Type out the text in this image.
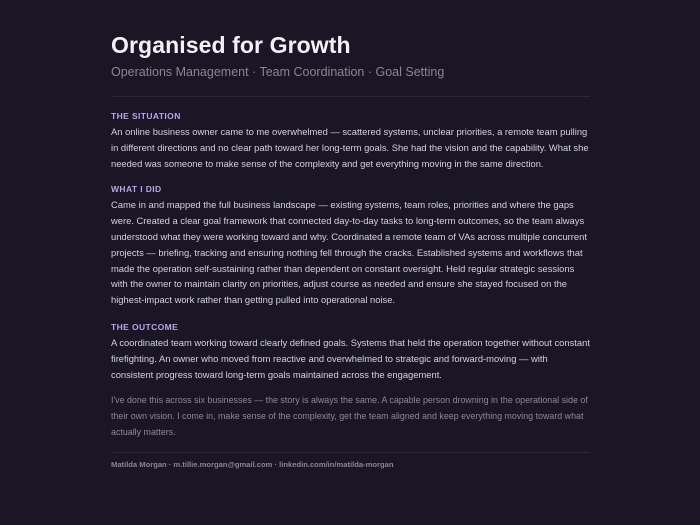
Organised for Growth
Operations Management · Team Coordination · Goal Setting
THE SITUATION

An online business owner came to me overwhelmed — scattered systems, unclear priorities, a remote team pulling in different directions and no clear path toward her long-term goals. She had the vision and the capability. What she needed was someone to make sense of the complexity and get everything moving in the same direction.

WHAT I DID

Came in and mapped the full business landscape — existing systems, team roles, priorities and where the gaps were. Created a clear goal framework that connected day-to-day tasks to long-term outcomes, so the team always understood what they were working toward and why. Coordinated a remote team of VAs across multiple concurrent projects — briefing, tracking and ensuring nothing fell through the cracks. Established systems and workflows that made the operation self-sustaining rather than dependent on constant oversight. Held regular strategic sessions with the owner to maintain clarity on priorities, adjust course as needed and ensure she stayed focused on the highest-impact work rather than getting pulled into operational noise.

THE OUTCOME

A coordinated team working toward clearly defined goals. Systems that held the operation together without constant firefighting. An owner who moved from reactive and overwhelmed to strategic and forward-moving — with consistent progress toward long-term goals maintained across the engagement.

I've done this across six businesses — the story is always the same. A capable person drowning in the operational side of their own vision. I come in, make sense of the complexity, get the team aligned and keep everything moving toward what actually matters.

Matilda Morgan · m.tillie.morgan@gmail.com · linkedin.com/in/matilda-morgan
